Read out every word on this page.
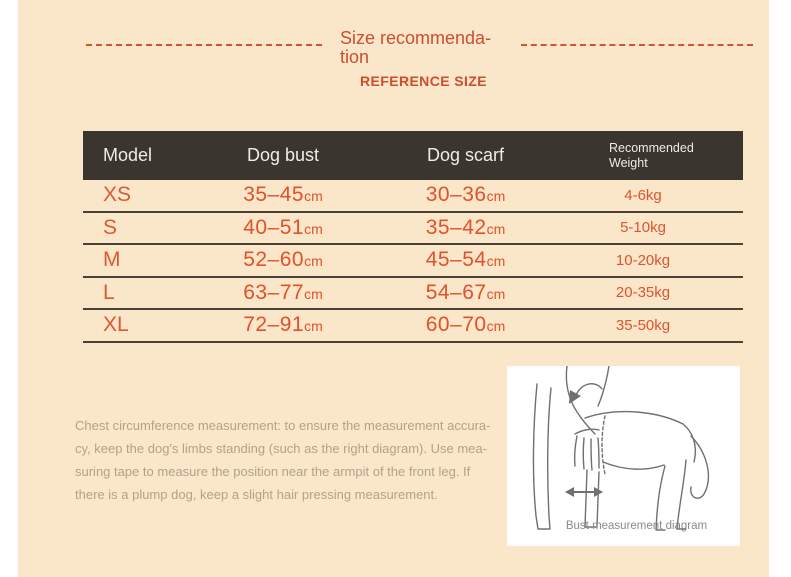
Size recommenda-
tion
REFERENCE SIZE
Model	Dog bust	Dog scarf	Recommended Weight
XS	35–45cm	30–36cm	4-6kg
S	40–51cm	35–42cm	5-10kg
M	52–60cm	45–54cm	10-20kg
L	63–77cm	54–67cm	20-35kg
XL	72–91cm	60–70cm	35-50kg
Chest circumference measurement: to ensure the measurement accura-
cy, keep the dog's limbs standing (such as the right diagram). Use mea-
suring tape to measure the position near the armpit of the front leg. If
there is a plump dog, keep a slight hair pressing measurement.
Bust measurement diagram
